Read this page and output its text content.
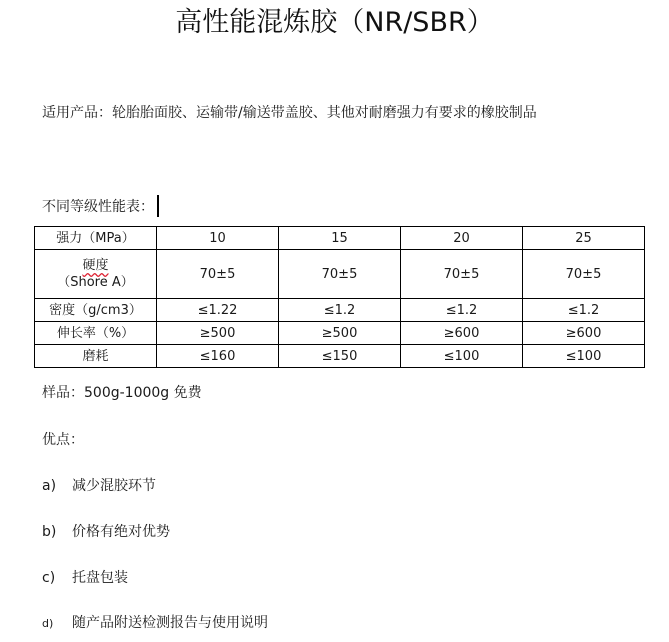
高性能混炼胶（NR/SBR）
适用产品：轮胎胎面胶、运输带/输送带盖胶、其他对耐磨强力有要求的橡胶制品
不同等级性能表：
强力（MPa）	10	15	20	25

硬度
（Shore A）	70±5	70±5	70±5	70±5
密度（g/cm3）	≤1.22	≤1.2	≤1.2	≤1.2
伸长率（%）	≥500	≥500	≥600	≥600
磨耗	≤160	≤150	≤100	≤100
样品：500g-1000g 免费
优点：
a) 减少混胶环节
b) 价格有绝对优势
c) 托盘包装
d) 随产品附送检测报告与使用说明
